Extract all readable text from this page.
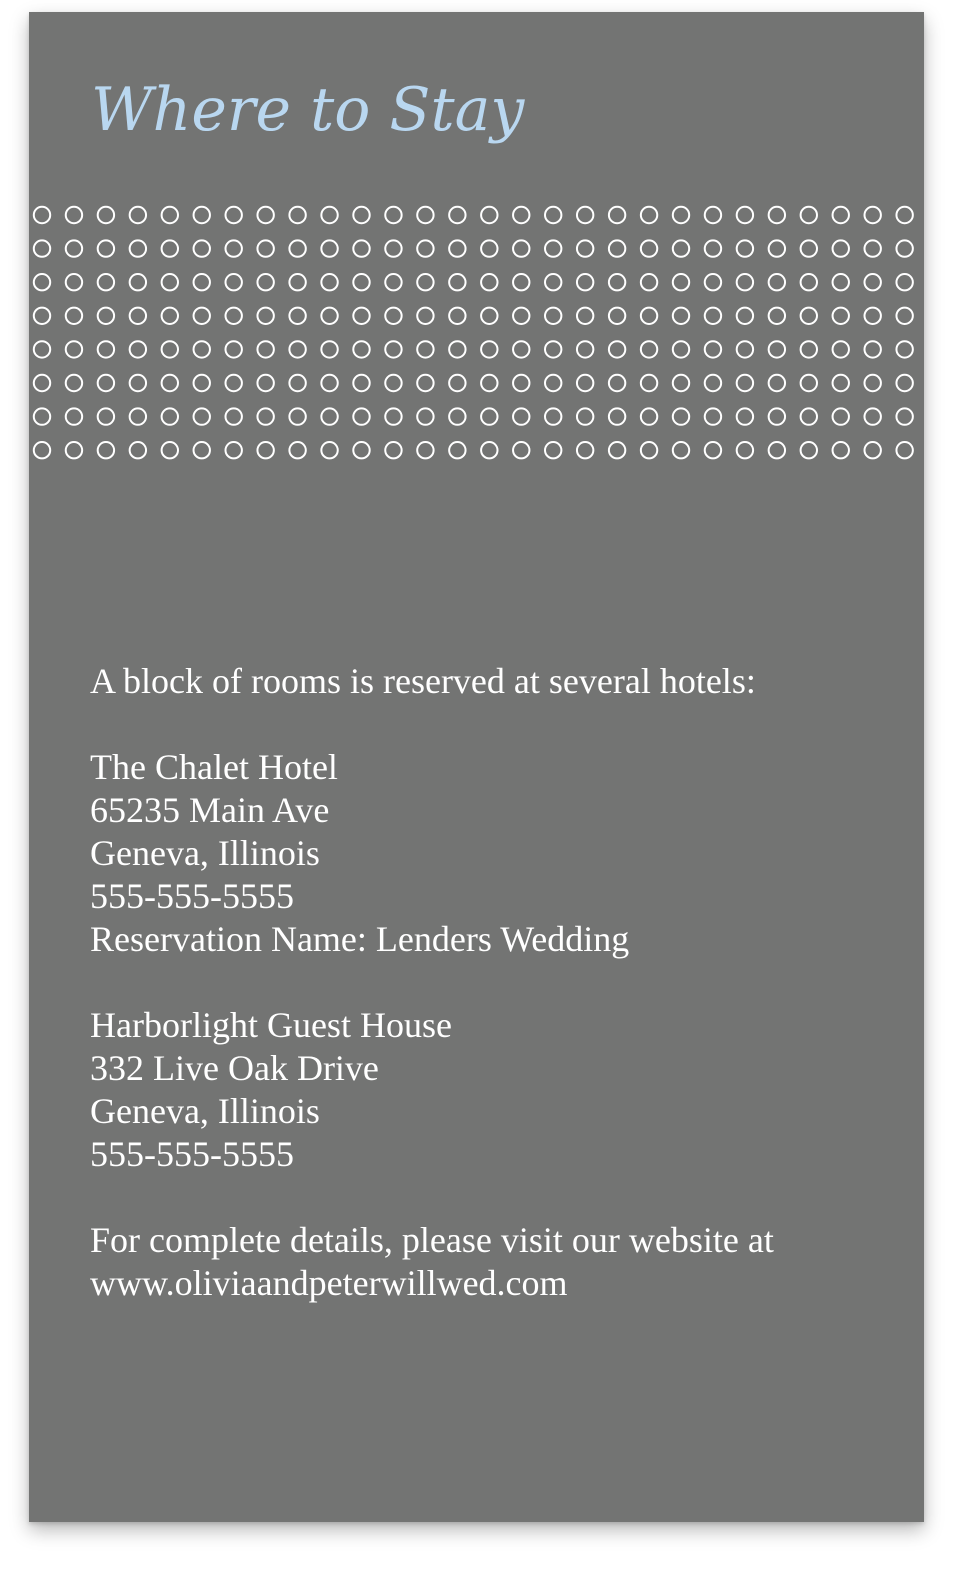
Where to Stay

A block of rooms is reserved at several hotels:

The Chalet Hotel
65235 Main Ave
Geneva, Illinois
555-555-5555
Reservation Name: Lenders Wedding

Harborlight Guest House
332 Live Oak Drive
Geneva, Illinois
555-555-5555

For complete details, please visit our website at
www.oliviaandpeterwillwed.com
